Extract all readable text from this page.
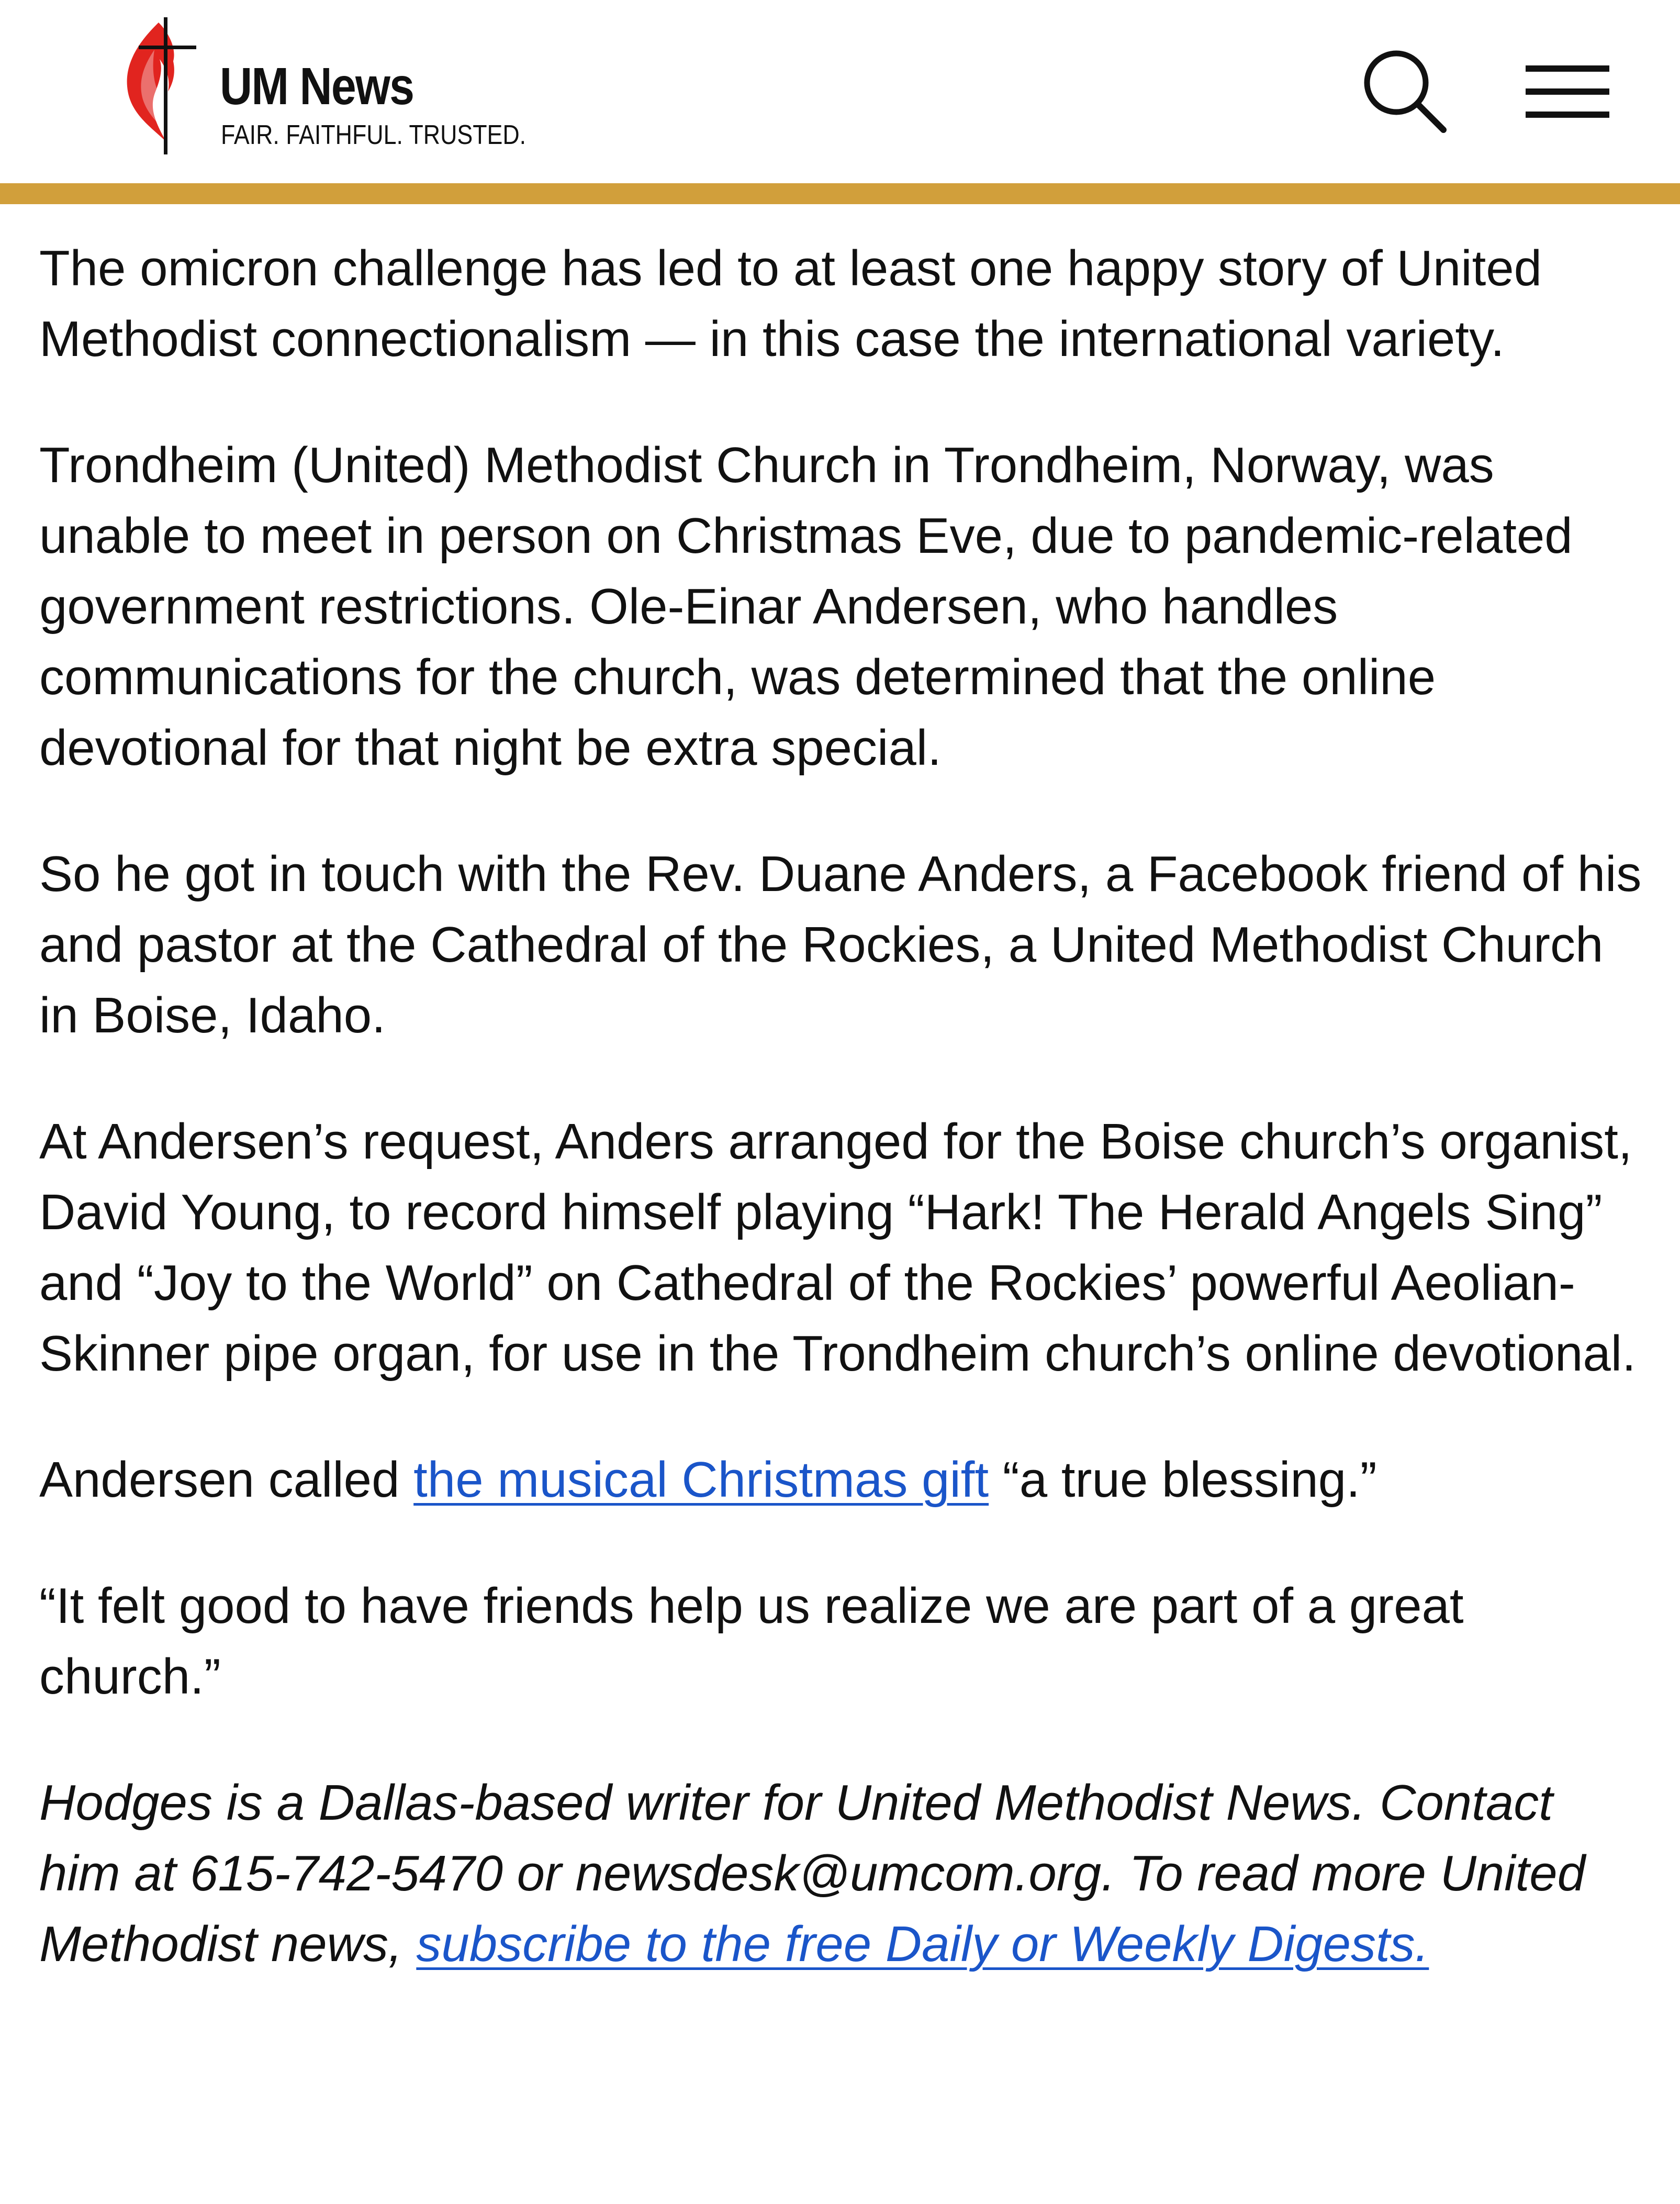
UM News
FAIR. FAITHFUL. TRUSTED.

The omicron challenge has led to at least one happy story of United Methodist connectionalism — in this case the international variety.

Trondheim (United) Methodist Church in Trondheim, Norway, was unable to meet in person on Christmas Eve, due to pandemic-related government restrictions. Ole-Einar Andersen, who handles communications for the church, was determined that the online devotional for that night be extra special.

So he got in touch with the Rev. Duane Anders, a Facebook friend of his and pastor at the Cathedral of the Rockies, a United Methodist Church in Boise, Idaho.

At Andersen’s request, Anders arranged for the Boise church’s organist, David Young, to record himself playing “Hark! The Herald Angels Sing” and “Joy to the World” on Cathedral of the Rockies’ powerful Aeolian-Skinner pipe organ, for use in the Trondheim church’s online devotional.

Andersen called the musical Christmas gift “a true blessing.”

“It felt good to have friends help us realize we are part of a great church.”

Hodges is a Dallas-based writer for United Methodist News. Contact him at 615-742-5470 or newsdesk@umcom.org. To read more United Methodist news, subscribe to the free Daily or Weekly Digests.
